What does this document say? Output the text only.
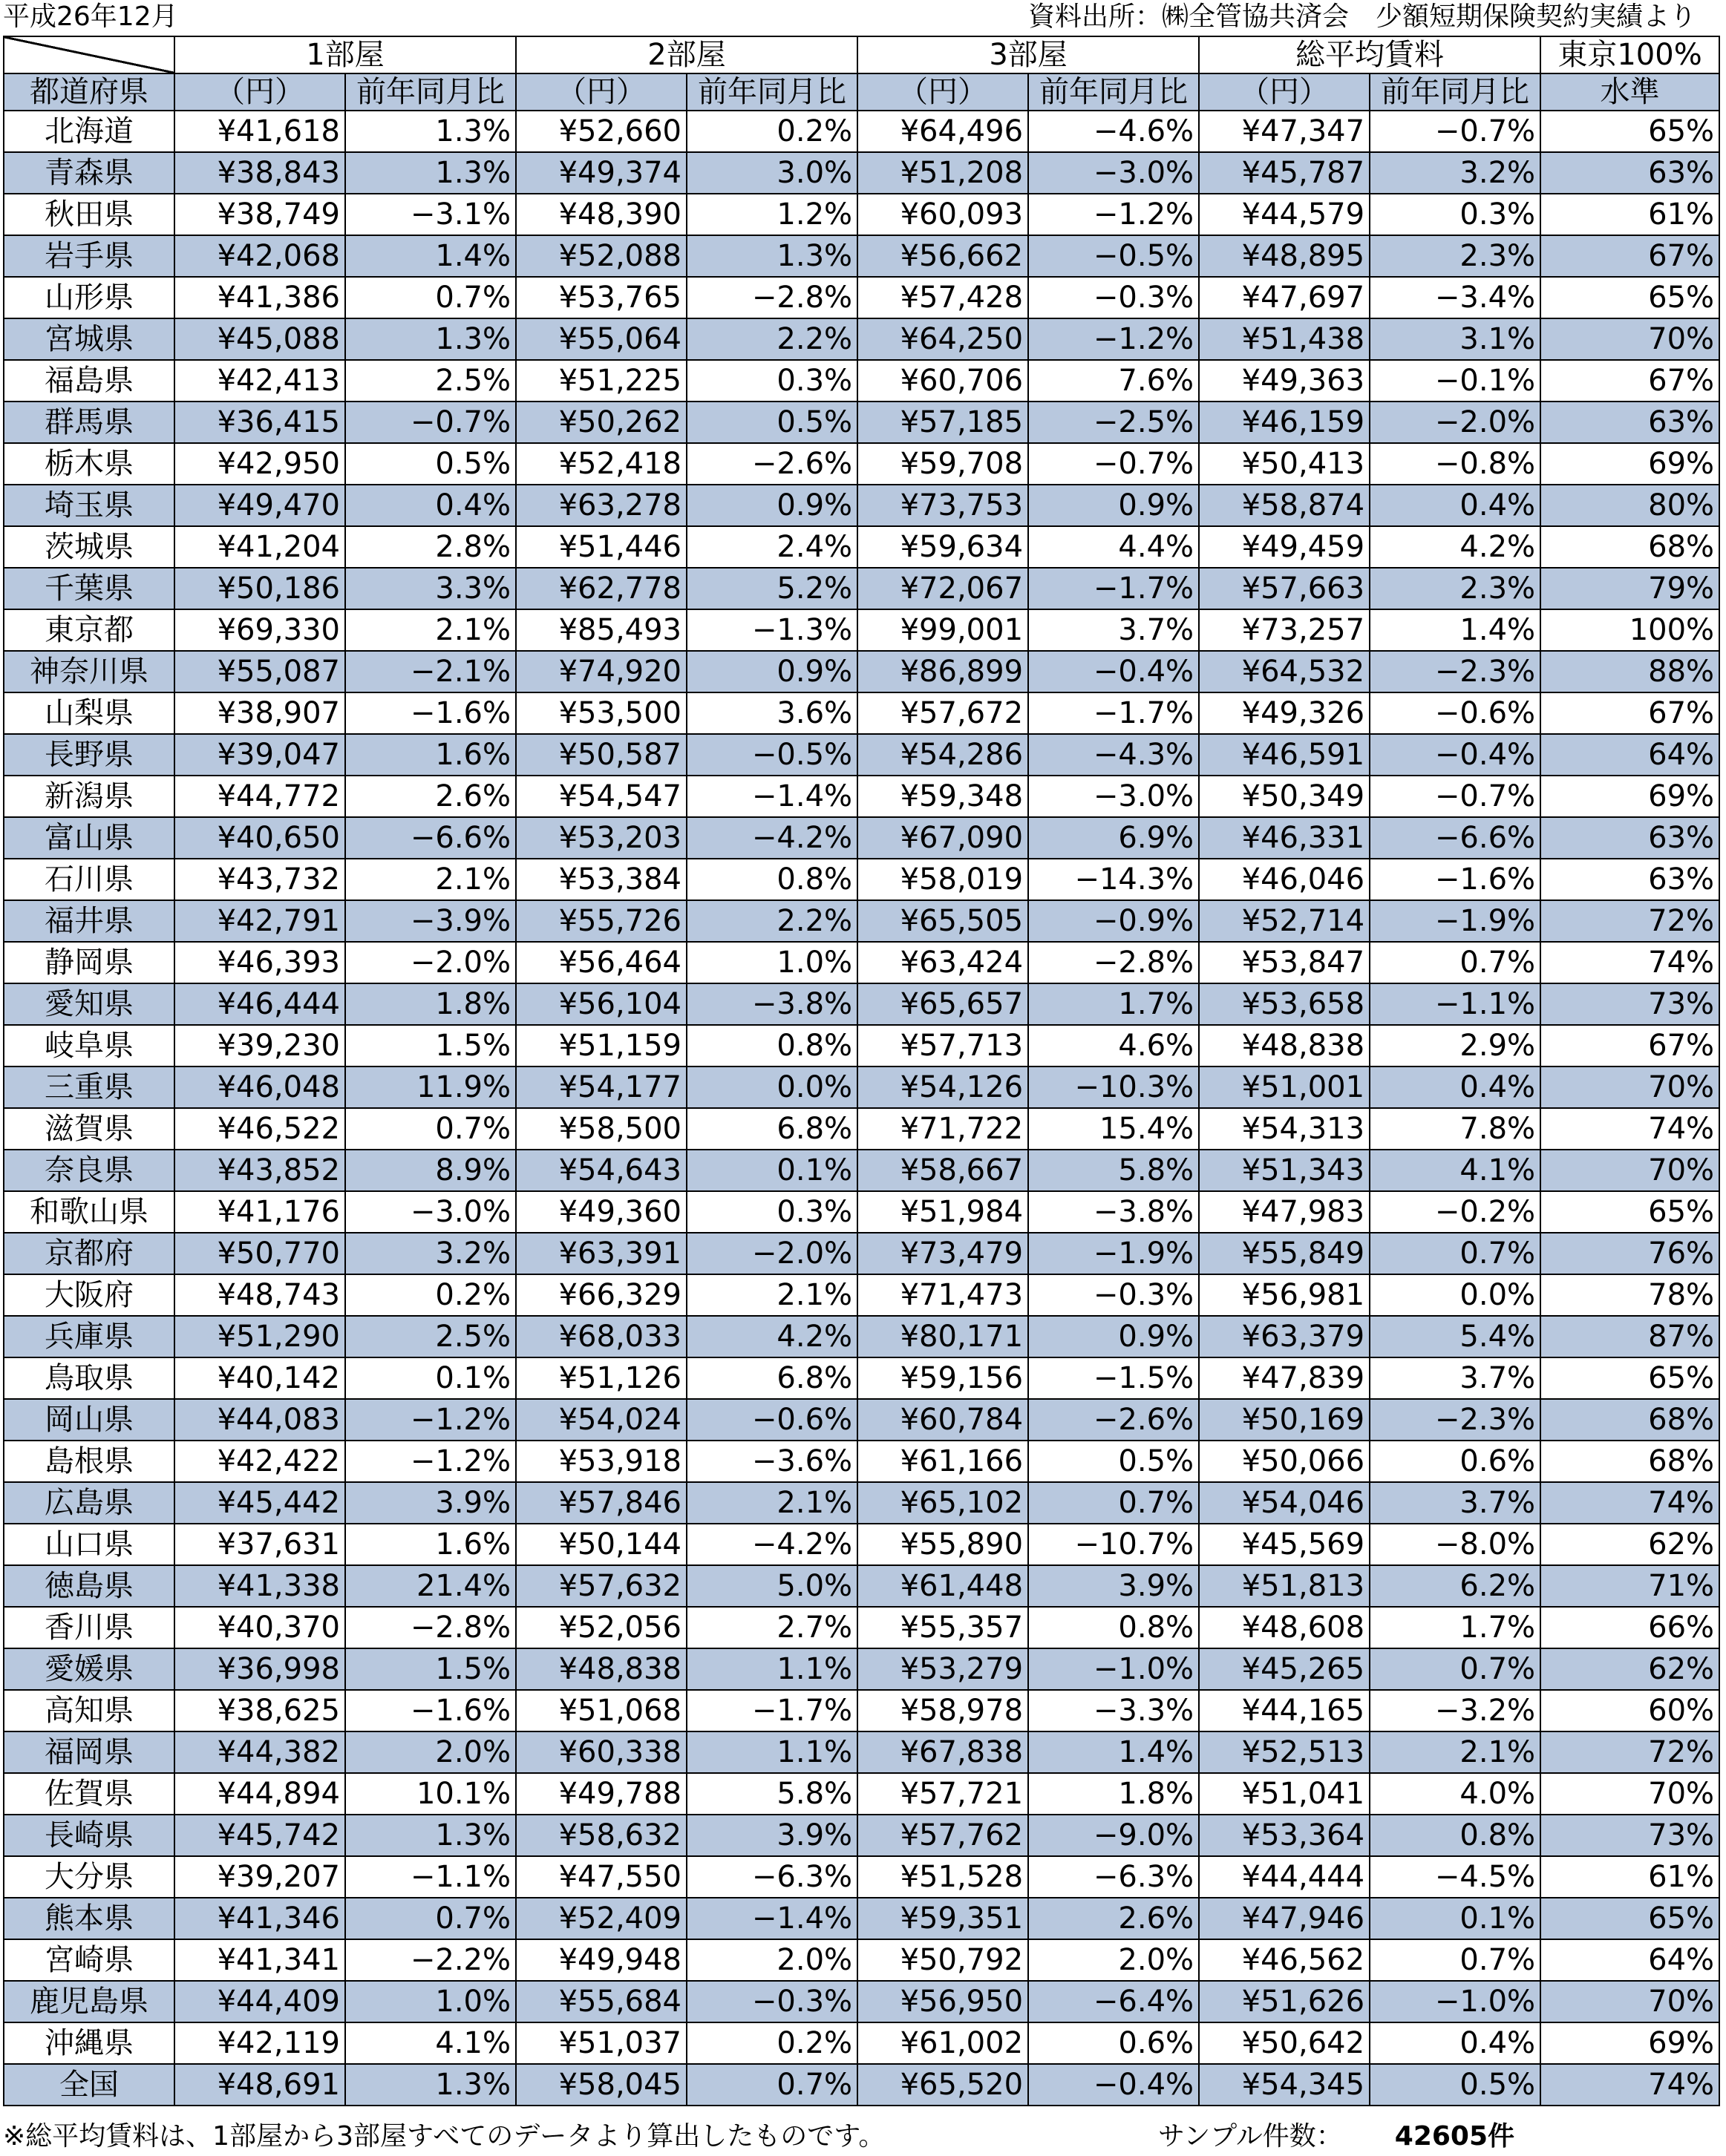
平成26年12月	資料出所：㈱全管協共済会　少額短期保険契約実績より
	1部屋		2部屋		3部屋		総平均賃料		東京100%
都道府県	（円）	前年同月比	（円）	前年同月比	（円）	前年同月比	（円）	前年同月比	水準
北海道	¥41,618	1.3%	¥52,660	0.2%	¥64,496	−4.6%	¥47,347	−0.7%	65%
青森県	¥38,843	1.3%	¥49,374	3.0%	¥51,208	−3.0%	¥45,787	3.2%	63%
秋田県	¥38,749	−3.1%	¥48,390	1.2%	¥60,093	−1.2%	¥44,579	0.3%	61%
岩手県	¥42,068	1.4%	¥52,088	1.3%	¥56,662	−0.5%	¥48,895	2.3%	67%
山形県	¥41,386	0.7%	¥53,765	−2.8%	¥57,428	−0.3%	¥47,697	−3.4%	65%
宮城県	¥45,088	1.3%	¥55,064	2.2%	¥64,250	−1.2%	¥51,438	3.1%	70%
福島県	¥42,413	2.5%	¥51,225	0.3%	¥60,706	7.6%	¥49,363	−0.1%	67%
群馬県	¥36,415	−0.7%	¥50,262	0.5%	¥57,185	−2.5%	¥46,159	−2.0%	63%
栃木県	¥42,950	0.5%	¥52,418	−2.6%	¥59,708	−0.7%	¥50,413	−0.8%	69%
埼玉県	¥49,470	0.4%	¥63,278	0.9%	¥73,753	0.9%	¥58,874	0.4%	80%
茨城県	¥41,204	2.8%	¥51,446	2.4%	¥59,634	4.4%	¥49,459	4.2%	68%
千葉県	¥50,186	3.3%	¥62,778	5.2%	¥72,067	−1.7%	¥57,663	2.3%	79%
東京都	¥69,330	2.1%	¥85,493	−1.3%	¥99,001	3.7%	¥73,257	1.4%	100%
神奈川県	¥55,087	−2.1%	¥74,920	0.9%	¥86,899	−0.4%	¥64,532	−2.3%	88%
山梨県	¥38,907	−1.6%	¥53,500	3.6%	¥57,672	−1.7%	¥49,326	−0.6%	67%
長野県	¥39,047	1.6%	¥50,587	−0.5%	¥54,286	−4.3%	¥46,591	−0.4%	64%
新潟県	¥44,772	2.6%	¥54,547	−1.4%	¥59,348	−3.0%	¥50,349	−0.7%	69%
富山県	¥40,650	−6.6%	¥53,203	−4.2%	¥67,090	6.9%	¥46,331	−6.6%	63%
石川県	¥43,732	2.1%	¥53,384	0.8%	¥58,019	−14.3%	¥46,046	−1.6%	63%
福井県	¥42,791	−3.9%	¥55,726	2.2%	¥65,505	−0.9%	¥52,714	−1.9%	72%
静岡県	¥46,393	−2.0%	¥56,464	1.0%	¥63,424	−2.8%	¥53,847	0.7%	74%
愛知県	¥46,444	1.8%	¥56,104	−3.8%	¥65,657	1.7%	¥53,658	−1.1%	73%
岐阜県	¥39,230	1.5%	¥51,159	0.8%	¥57,713	4.6%	¥48,838	2.9%	67%
三重県	¥46,048	11.9%	¥54,177	0.0%	¥54,126	−10.3%	¥51,001	0.4%	70%
滋賀県	¥46,522	0.7%	¥58,500	6.8%	¥71,722	15.4%	¥54,313	7.8%	74%
奈良県	¥43,852	8.9%	¥54,643	0.1%	¥58,667	5.8%	¥51,343	4.1%	70%
和歌山県	¥41,176	−3.0%	¥49,360	0.3%	¥51,984	−3.8%	¥47,983	−0.2%	65%
京都府	¥50,770	3.2%	¥63,391	−2.0%	¥73,479	−1.9%	¥55,849	0.7%	76%
大阪府	¥48,743	0.2%	¥66,329	2.1%	¥71,473	−0.3%	¥56,981	0.0%	78%
兵庫県	¥51,290	2.5%	¥68,033	4.2%	¥80,171	0.9%	¥63,379	5.4%	87%
鳥取県	¥40,142	0.1%	¥51,126	6.8%	¥59,156	−1.5%	¥47,839	3.7%	65%
岡山県	¥44,083	−1.2%	¥54,024	−0.6%	¥60,784	−2.6%	¥50,169	−2.3%	68%
島根県	¥42,422	−1.2%	¥53,918	−3.6%	¥61,166	0.5%	¥50,066	0.6%	68%
広島県	¥45,442	3.9%	¥57,846	2.1%	¥65,102	0.7%	¥54,046	3.7%	74%
山口県	¥37,631	1.6%	¥50,144	−4.2%	¥55,890	−10.7%	¥45,569	−8.0%	62%
徳島県	¥41,338	21.4%	¥57,632	5.0%	¥61,448	3.9%	¥51,813	6.2%	71%
香川県	¥40,370	−2.8%	¥52,056	2.7%	¥55,357	0.8%	¥48,608	1.7%	66%
愛媛県	¥36,998	1.5%	¥48,838	1.1%	¥53,279	−1.0%	¥45,265	0.7%	62%
高知県	¥38,625	−1.6%	¥51,068	−1.7%	¥58,978	−3.3%	¥44,165	−3.2%	60%
福岡県	¥44,382	2.0%	¥60,338	1.1%	¥67,838	1.4%	¥52,513	2.1%	72%
佐賀県	¥44,894	10.1%	¥49,788	5.8%	¥57,721	1.8%	¥51,041	4.0%	70%
長崎県	¥45,742	1.3%	¥58,632	3.9%	¥57,762	−9.0%	¥53,364	0.8%	73%
大分県	¥39,207	−1.1%	¥47,550	−6.3%	¥51,528	−6.3%	¥44,444	−4.5%	61%
熊本県	¥41,346	0.7%	¥52,409	−1.4%	¥59,351	2.6%	¥47,946	0.1%	65%
宮崎県	¥41,341	−2.2%	¥49,948	2.0%	¥50,792	2.0%	¥46,562	0.7%	64%
鹿児島県	¥44,409	1.0%	¥55,684	−0.3%	¥56,950	−6.4%	¥51,626	−1.0%	70%
沖縄県	¥42,119	4.1%	¥51,037	0.2%	¥61,002	0.6%	¥50,642	0.4%	69%
全国	¥48,691	1.3%	¥58,045	0.7%	¥65,520	−0.4%	¥54,345	0.5%	74%
※総平均賃料は、1部屋から3部屋すべてのデータより算出したものです。	サンプル件数： 42605件
